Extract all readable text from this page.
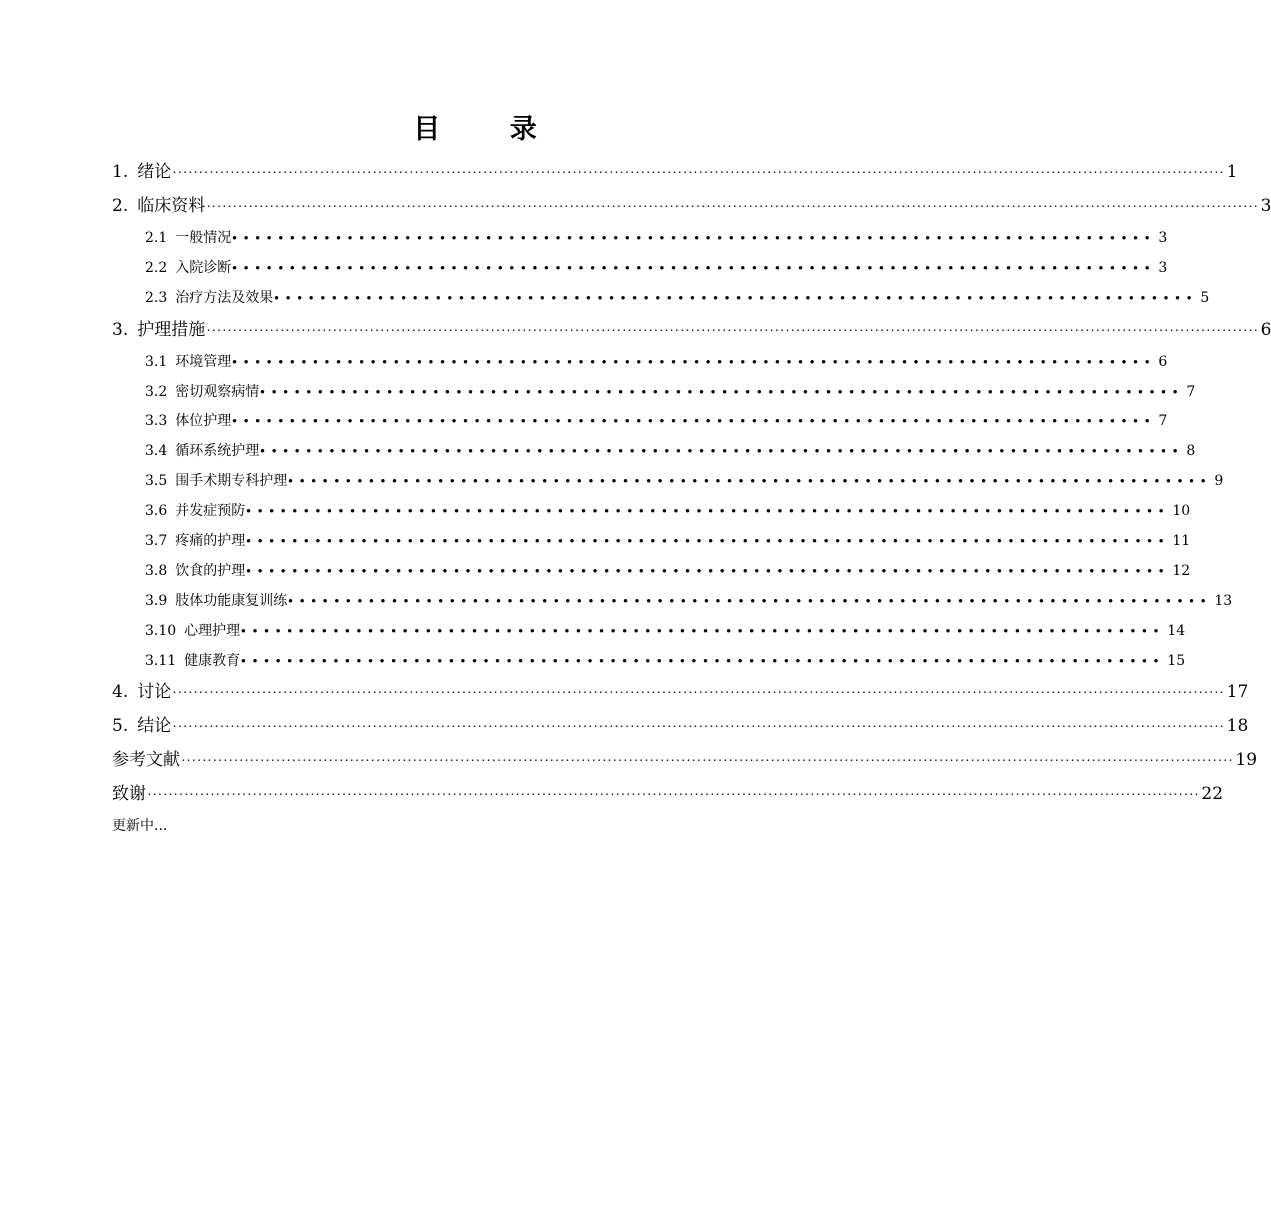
目 录
1. 绪论 ········································································································································································································ 1
2. 临床资料 ········································································································································································································ 3
2.1 一般情况 •••••••••••••••••••••••••••••••••••••••••••••••••••••••••••••••••••••••••••••••• 3
2.2 入院诊断 •••••••••••••••••••••••••••••••••••••••••••••••••••••••••••••••••••••••••••••••• 3
2.3 治疗方法及效果 •••••••••••••••••••••••••••••••••••••••••••••••••••••••••••••••••••••••••••••••• 5
3. 护理措施 ········································································································································································································ 6
3.1 环境管理 •••••••••••••••••••••••••••••••••••••••••••••••••••••••••••••••••••••••••••••••• 6
3.2 密切观察病情 •••••••••••••••••••••••••••••••••••••••••••••••••••••••••••••••••••••••••••••••• 7
3.3 体位护理 •••••••••••••••••••••••••••••••••••••••••••••••••••••••••••••••••••••••••••••••• 7
3.4 循环系统护理 •••••••••••••••••••••••••••••••••••••••••••••••••••••••••••••••••••••••••••••••• 8
3.5 围手术期专科护理 •••••••••••••••••••••••••••••••••••••••••••••••••••••••••••••••••••••••••••••••• 9
3.6 并发症预防 •••••••••••••••••••••••••••••••••••••••••••••••••••••••••••••••••••••••••••••••• 10
3.7 疼痛的护理 •••••••••••••••••••••••••••••••••••••••••••••••••••••••••••••••••••••••••••••••• 11
3.8 饮食的护理 •••••••••••••••••••••••••••••••••••••••••••••••••••••••••••••••••••••••••••••••• 12
3.9 肢体功能康复训练 •••••••••••••••••••••••••••••••••••••••••••••••••••••••••••••••••••••••••••••••• 13
3.10 心理护理 •••••••••••••••••••••••••••••••••••••••••••••••••••••••••••••••••••••••••••••••• 14
3.11 健康教育 •••••••••••••••••••••••••••••••••••••••••••••••••••••••••••••••••••••••••••••••• 15
4. 讨论 ········································································································································································································ 17
5. 结论 ········································································································································································································ 18
参考文献 ········································································································································································································ 19
致谢 ········································································································································································································ 22
更新中...
